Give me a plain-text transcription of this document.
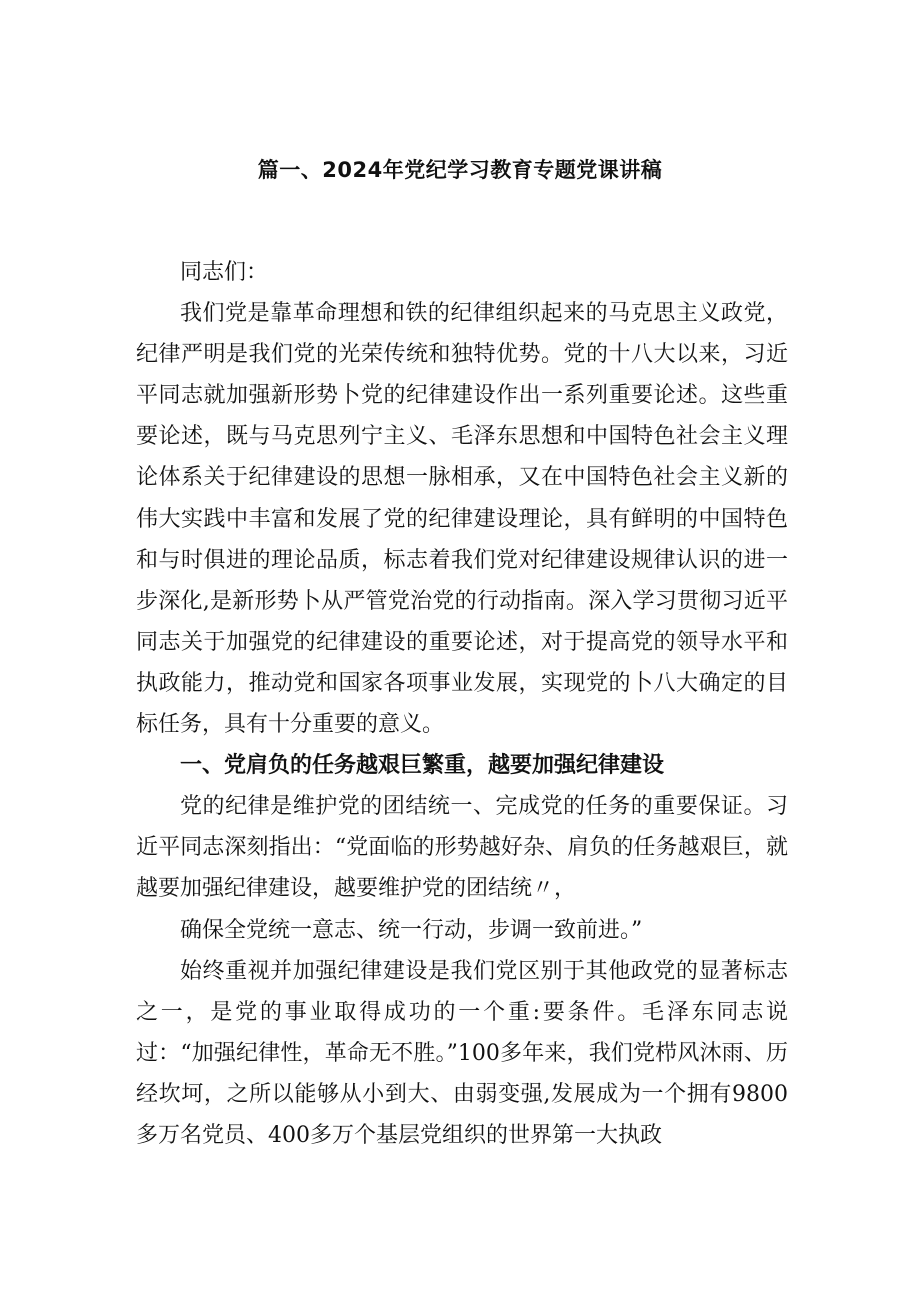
篇一、2024年党纪学习教育专题党课讲稿

同志们：

我们党是靠革命理想和铁的纪律组织起来的马克思主义政党，纪律严明是我们党的光荣传统和独特优势。党的十八大以来，习近平同志就加强新形势卜党的纪律建设作出一系列重要论述。这些重要论述，既与马克思列宁主义、毛泽东思想和中国特色社会主义理论体系关于纪律建设的思想一脉相承，又在中国特色社会主义新的伟大实践中丰富和发展了党的纪律建设理论，具有鲜明的中国特色和与时俱进的理论品质，标志着我们党对纪律建设规律认识的进一步深化,是新形势卜从严管党治党的行动指南。深入学习贯彻习近平同志关于加强党的纪律建设的重要论述，对于提高党的领导水平和执政能力，推动党和国家各项事业发展，实现党的卜八大确定的目标任务，具有十分重要的意义。

一、党肩负的任务越艰巨繁重，越要加强纪律建设

党的纪律是维护党的团结统一、完成党的任务的重要保证。习近平同志深刻指出：“党面临的形势越好杂、肩负的任务越艰巨，就越要加强纪律建设，越要维护党的团结统〃，

确保全党统一意志、统一行动，步调一致前进。”

始终重视并加强纪律建设是我们党区别于其他政党的显著标志之一，是党的事业取得成功的一个重:要条件。毛泽东同志说过：“加强纪律性，革命无不胜。”100多年来，我们党栉风沐雨、历经坎坷，之所以能够从小到大、由弱变强,发展成为一个拥有9800多万名党员、400多万个基层党组织的世界第一大执政
